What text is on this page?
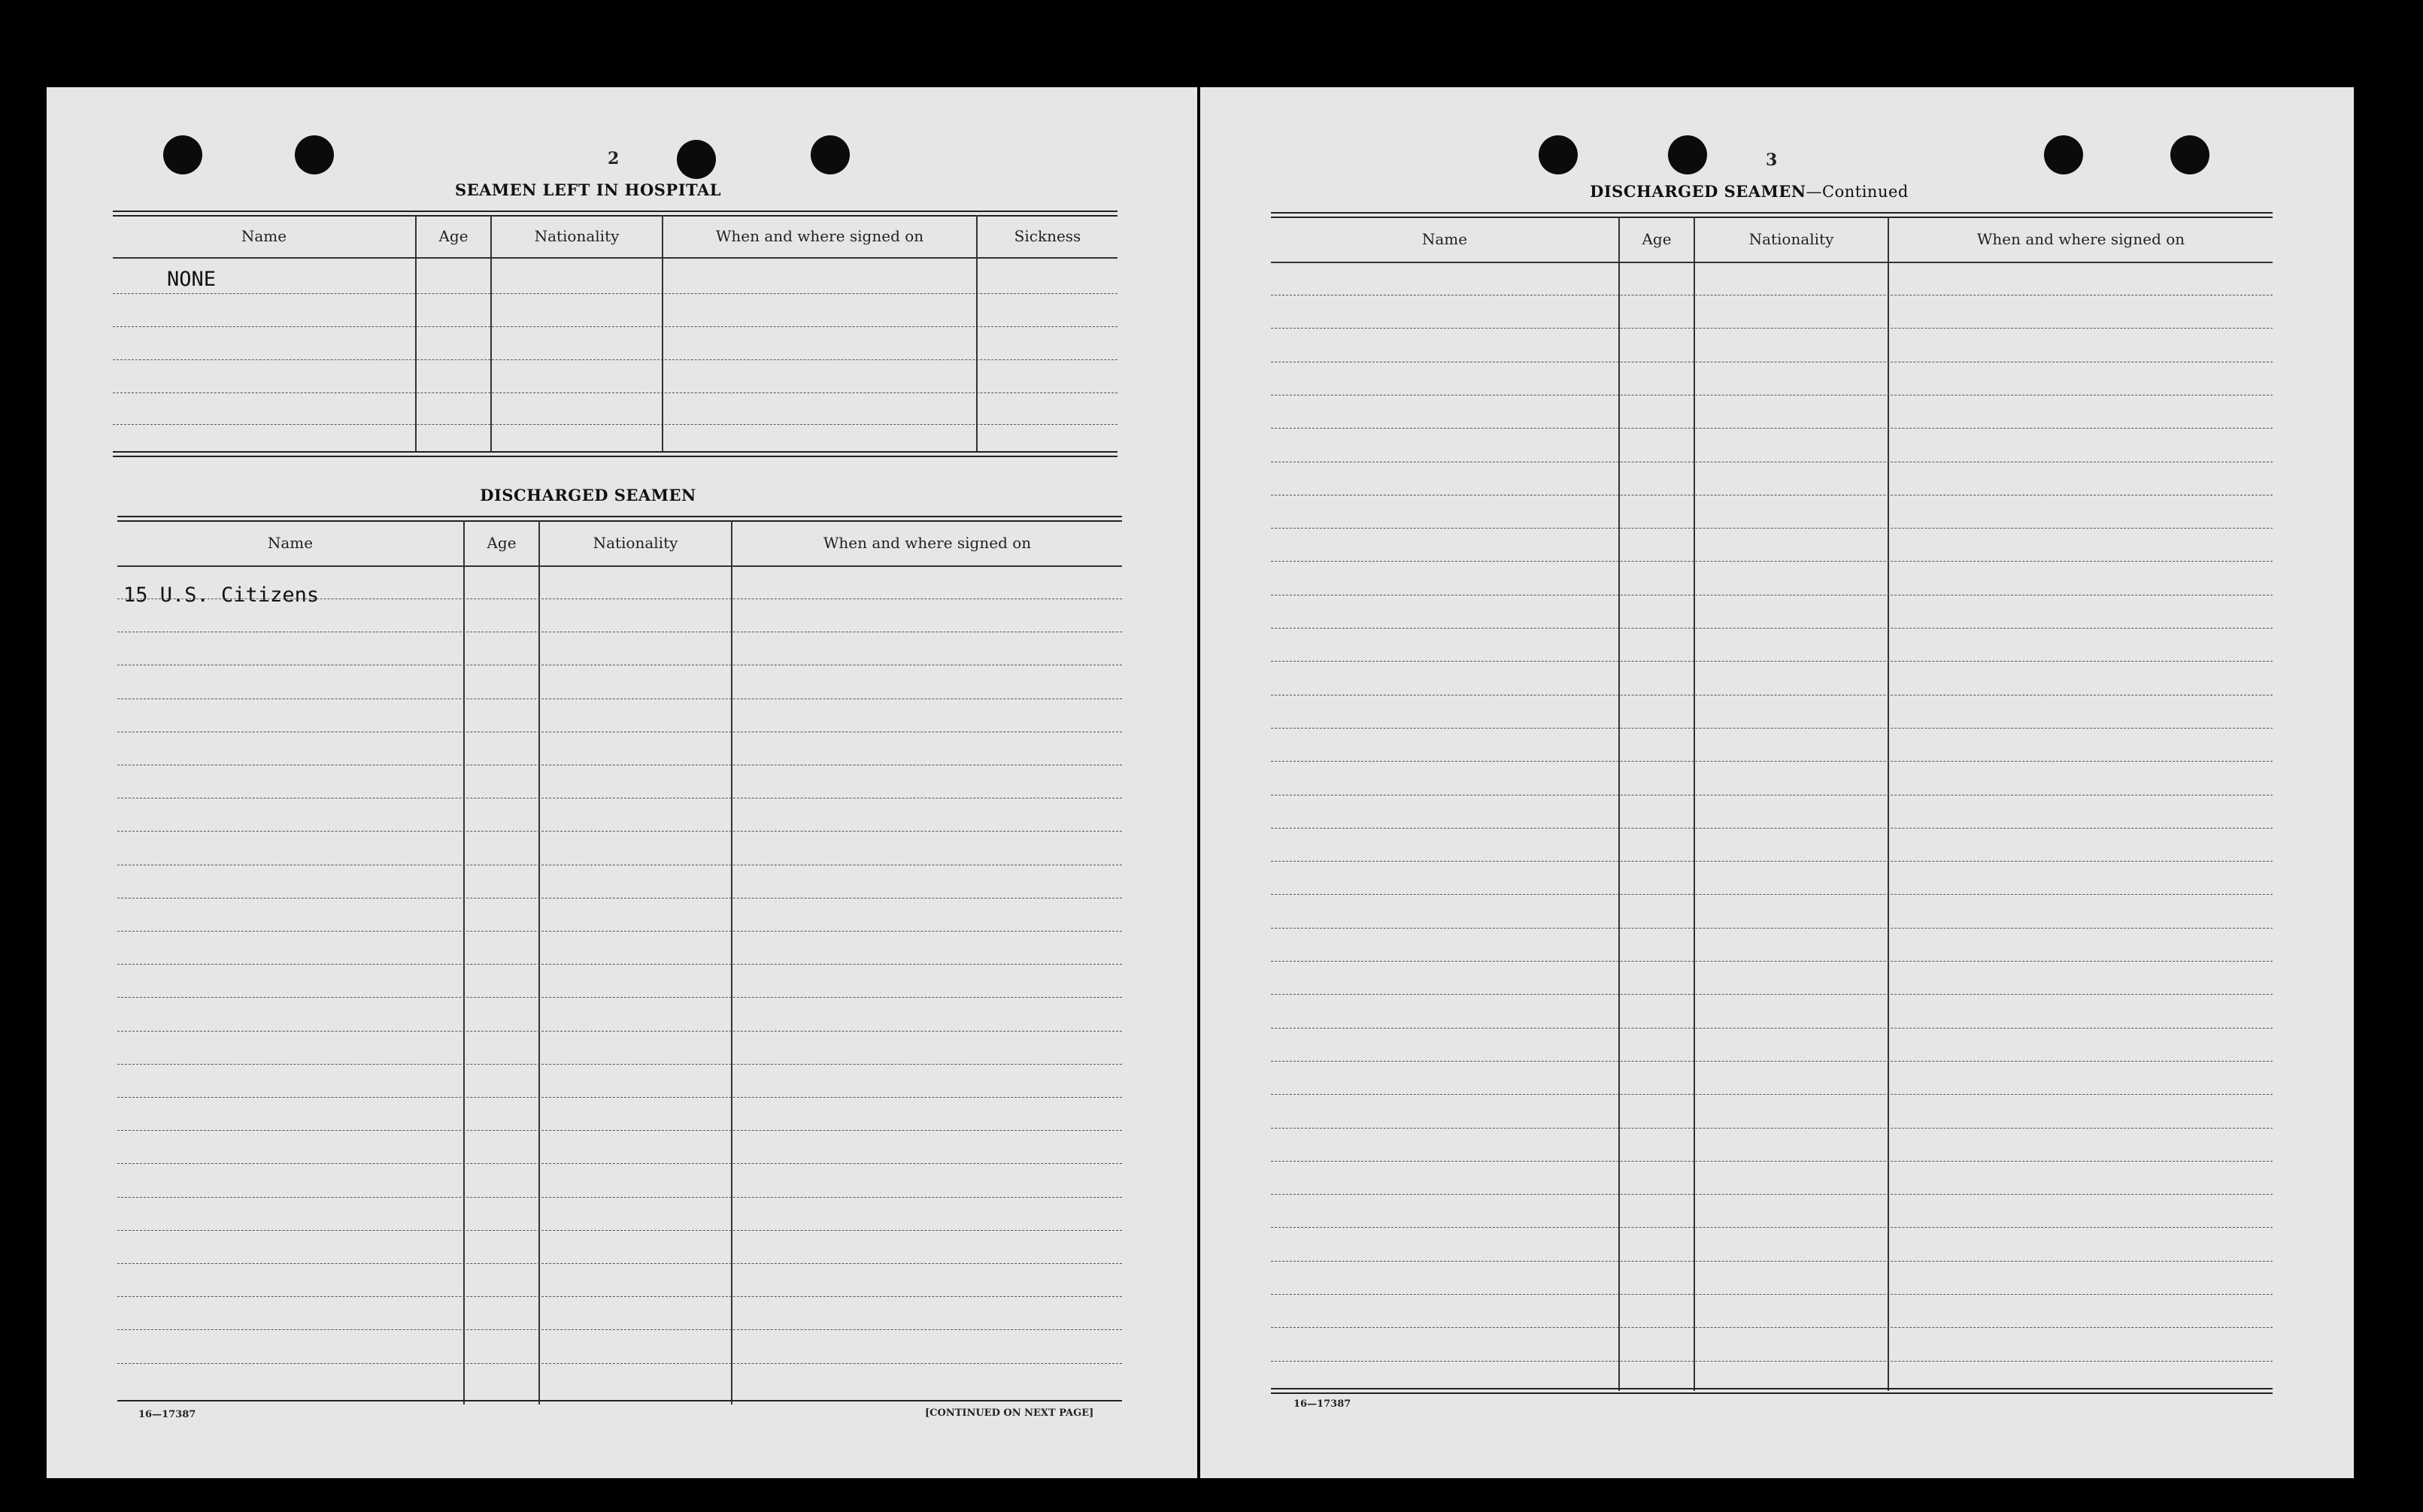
2
SEAMEN LEFT IN HOSPITAL
Name	Age	Nationality	When and where signed on	Sickness
NONE
DISCHARGED SEAMEN
Name	Age	Nationality	When and where signed on
15 U.S. Citizens
16—17387	[CONTINUED ON NEXT PAGE]
3
DISCHARGED SEAMEN—Continued
Name	Age	Nationality	When and where signed on
16—17387
